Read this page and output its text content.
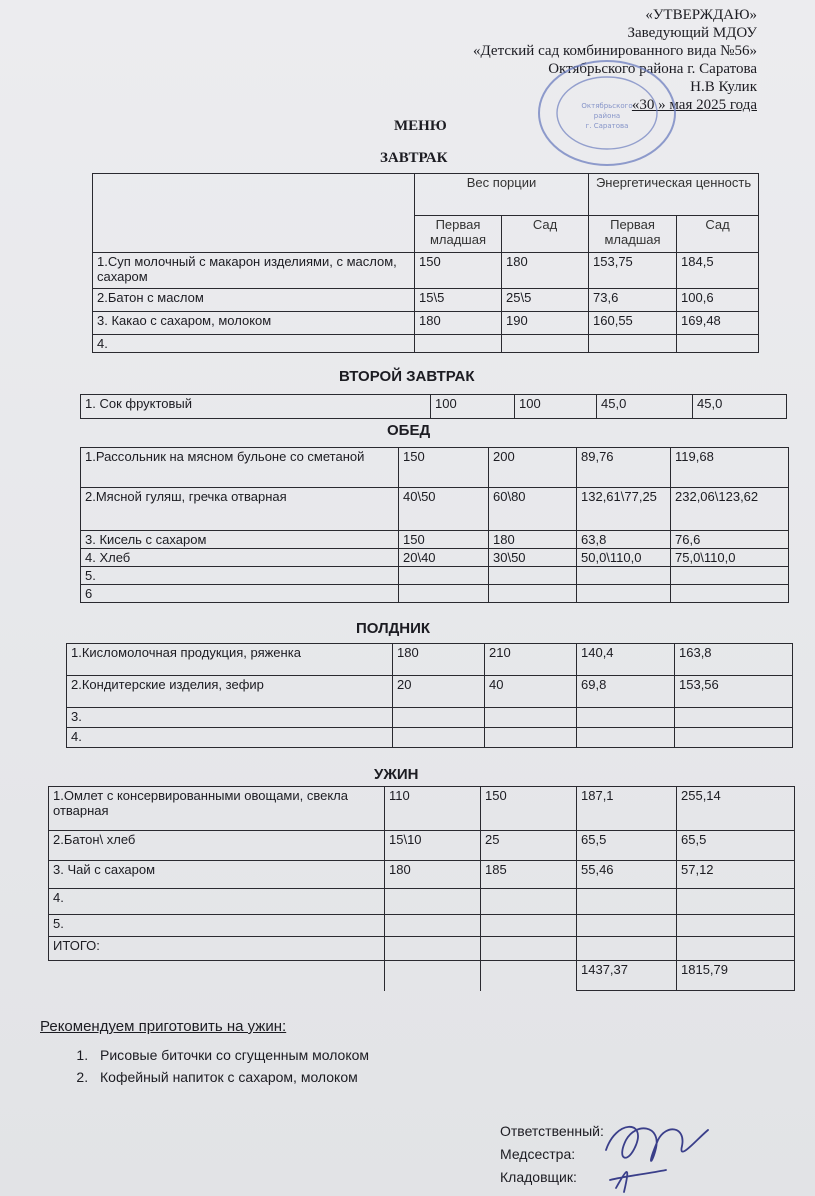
«УТВЕРЖДАЮ»
Заведующий МДОУ
«Детский сад комбинированного вида №56»
Октябрьского района г. Саратова
Н.В Кулик
«30 » мая 2025 года
Октябрьского
района
г. Саратова
МЕНЮ
ЗАВТРАК
	Вес порции		Энергетическая ценность	
	Первая младшая	Сад	Первая младшая	Сад
1.Суп молочный с макарон изделиями, с маслом, сахаром	150	180	153,75	184,5
2.Батон с маслом	15\5	25\5	73,6	100,6
3. Какао с сахаром, молоком	180	190	160,55	169,48
4.				
ВТОРОЙ ЗАВТРАК
1. Сок фруктовый	100	100	45,0	45,0
ОБЕД
1.Рассольник на мясном бульоне со сметаной	150	200	89,76	119,68
2.Мясной гуляш, гречка отварная	40\50	60\80	132,61\77,25	232,06\123,62
3. Кисель с сахаром	150	180	63,8	76,6
4. Хлеб	20\40	30\50	50,0\110,0	75,0\110,0
5.				
6				
ПОЛДНИК
1.Кисломолочная продукция, ряженка	180	210	140,4	163,8
2.Кондитерские изделия, зефир	20	40	69,8	153,56
3.				
4.				
УЖИН
1.Омлет с консервированными овощами, свекла отварная	110	150	187,1	255,14
2.Батон\ хлеб	15\10	25	65,5	65,5
3. Чай с сахаром	180	185	55,46	57,12
4.				
5.				
ИТОГО:				
			1437,37	1815,79
Рекомендуем приготовить на ужин:
1. Рисовые биточки со сгущенным молоком
2. Кофейный напиток с сахаром, молоком
Ответственный:
Медсестра:
Кладовщик:
